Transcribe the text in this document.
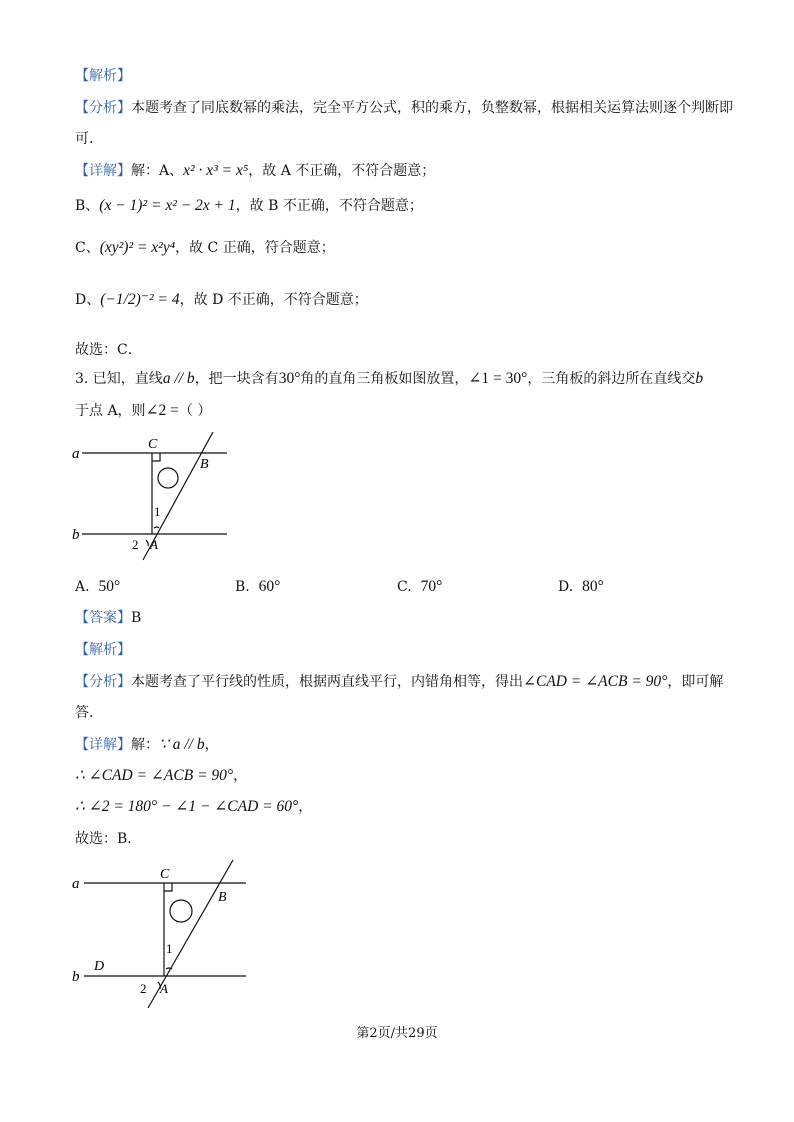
【解析】
【分析】本题考查了同底数幂的乘法，完全平方公式，积的乘方，负整数幂，根据相关运算法则逐个判断即
可．
【详解】解：A、x² · x³ = x⁵，故 A 不正确，不符合题意；
B、(x − 1)² = x² − 2x + 1，故 B 不正确，不符合题意；
C、(xy²)² = x²y⁴，故 C 正确，符合题意；
D、(−1/2)⁻² = 4，故 D 不正确，不符合题意；
故选：C．
3. 已知，直线a // b，把一块含有30°角的直角三角板如图放置，∠1 = 30°，三角板的斜边所在直线交b
于点 A，则∠2 =（ ）
a
b
C
B
1
2 A
A. 50°	B. 60°	C. 70°	D. 80°
【答案】B
【解析】
【分析】本题考查了平行线的性质，根据两直线平行，内错角相等，得出∠CAD = ∠ACB = 90°，即可解
答．
【详解】解：∵ a // b，
∴ ∠CAD = ∠ACB = 90°，
∴ ∠2 = 180° − ∠1 − ∠CAD = 60°，
故选：B．
a
b
D
C
B
1
2 A
第2页/共29页
